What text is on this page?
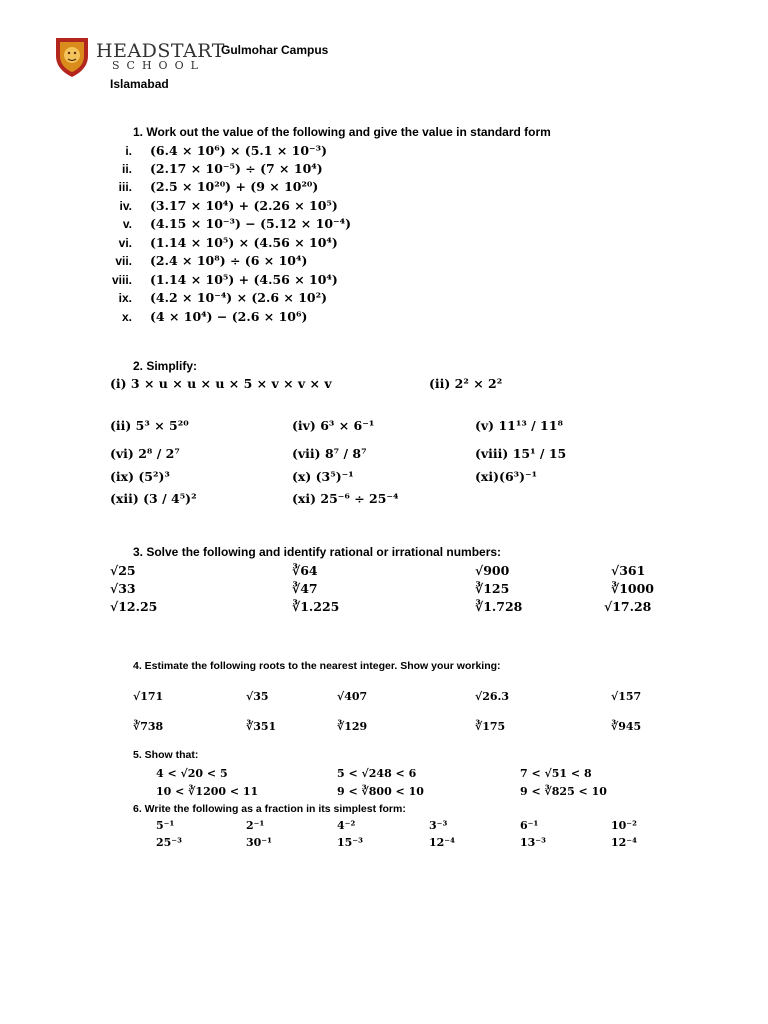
HEADSTART
SCHOOL
Gulmohar Campus
Islamabad
1. Work out the value of the following and give the value in standard form
i. (6.4 × 10⁶) × (5.1 × 10⁻³)
ii. (2.17 × 10⁻⁵) ÷ (7 × 10⁴)
iii. (2.5 × 10²⁰) + (9 × 10²⁰)
iv. (3.17 × 10⁴) + (2.26 × 10⁵)
v. (4.15 × 10⁻³) − (5.12 × 10⁻⁴)
vi. (1.14 × 10⁵) × (4.56 × 10⁴)
vii. (2.4 × 10⁸) ÷ (6 × 10⁴)
viii. (1.14 × 10⁵) + (4.56 × 10⁴)
ix. (4.2 × 10⁻⁴) × (2.6 × 10²)
x. (4 × 10⁴) − (2.6 × 10⁶)
2. Simplify:
(i) 3 × u × u × u × 5 × v × v × v	(ii) 2² × 2²
(ii) 5³ × 5²⁰	(iv) 6³ × 6⁻¹	(v) 11¹³ / 11⁸
(vi) 2⁸ / 2⁷	(vii) 8⁷ / 8⁷	(viii) 15¹ / 15
(ix) (5²)³	(x) (3⁵)⁻¹	(xi)(6³)⁻¹
(xii) (3 / 4⁵)²	(xi) 25⁻⁶ ÷ 25⁻⁴
3. Solve the following and identify rational or irrational numbers:
√25	∛64	√900	√361
√33	∛47	∛125	∛1000
√12.25	∛1.225	∛1.728	√17.28
4. Estimate the following roots to the nearest integer. Show your working:
√171	√35	√407	√26.3	√157
∛738	∛351	∛129	∛175	∛945
5. Show that:
4 < √20 < 5	5 < √248 < 6	7 < √51 < 8
10 < ∛1200 < 11	9 < ∛800 < 10	9 < ∛825 < 10
6. Write the following as a fraction in its simplest form:
5⁻¹	2⁻¹	4⁻²	3⁻³	6⁻¹	10⁻²
25⁻³	30⁻¹	15⁻³	12⁻⁴	13⁻³	12⁻⁴
